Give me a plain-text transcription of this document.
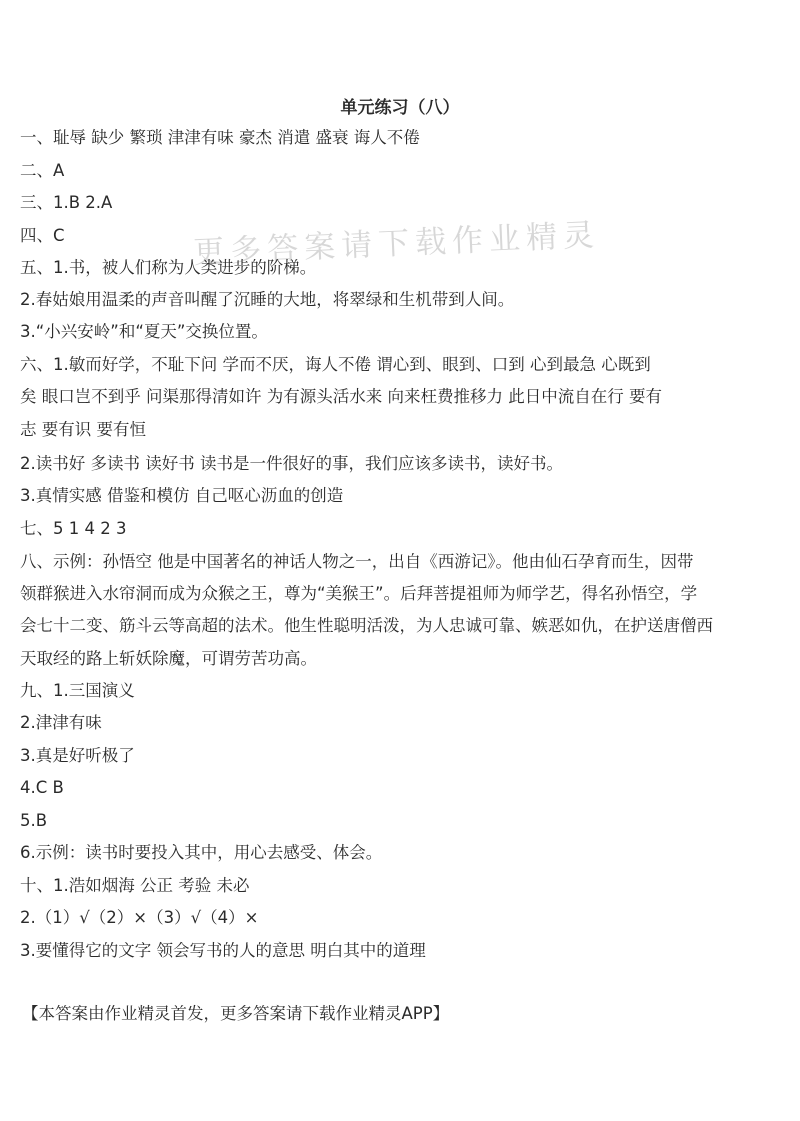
单元练习（八）
更多答案请下载作业精灵
一、耻辱 缺少 繁琐 津津有味 豪杰 消遣 盛衰 诲人不倦
二、A
三、1.B 2.A
四、C
五、1.书，被人们称为人类进步的阶梯。
2.春姑娘用温柔的声音叫醒了沉睡的大地，将翠绿和生机带到人间。
3.“小兴安岭”和“夏天”交换位置。
六、1.敏而好学，不耻下问 学而不厌，诲人不倦 谓心到、眼到、口到 心到最急 心既到
矣 眼口岂不到乎 问渠那得清如许 为有源头活水来 向来枉费推移力 此日中流自在行 要有
志 要有识 要有恒
2.读书好 多读书 读好书 读书是一件很好的事，我们应该多读书，读好书。
3.真情实感 借鉴和模仿 自己呕心沥血的创造
七、5 1 4 2 3
八、示例：孙悟空 他是中国著名的神话人物之一，出自《西游记》。他由仙石孕育而生，因带
领群猴进入水帘洞而成为众猴之王，尊为“美猴王”。后拜菩提祖师为师学艺，得名孙悟空，学
会七十二变、筋斗云等高超的法术。他生性聪明活泼，为人忠诚可靠、嫉恶如仇，在护送唐僧西
天取经的路上斩妖除魔，可谓劳苦功高。
九、1.三国演义
2.津津有味
3.真是好听极了
4.C B
5.B
6.示例：读书时要投入其中，用心去感受、体会。
十、1.浩如烟海 公正 考验 未必
2.（1）√（2）×（3）√（4）×
3.要懂得它的文字 领会写书的人的意思 明白其中的道理
【本答案由作业精灵首发，更多答案请下载作业精灵APP】
